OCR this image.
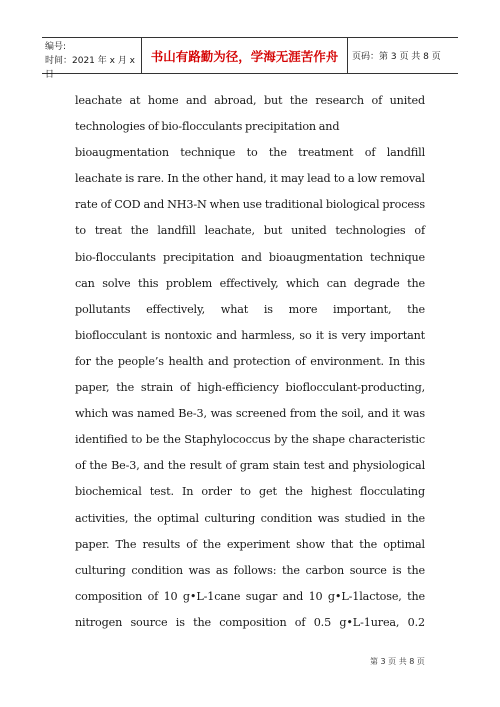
编号:
时间：2021 年 x 月 x 日
书山有路勤为径，学海无涯苦作舟	页码：第 3 页 共 8 页
leachate at home and abroad, but the research of united
technologies of bio-flocculants precipitation and
bioaugmentation technique to the treatment of landfill
leachate is rare. In the other hand, it may lead to a low removal
rate of COD and NH3-N when use traditional biological process
to treat the landfill leachate, but united technologies of
bio-flocculants precipitation and bioaugmentation technique
can solve this problem effectively, which can degrade the
pollutants effectively, what is more important, the
bioflocculant is nontoxic and harmless, so it is very important
for the people’s health and protection of environment. In this
paper, the strain of high-efficiency bioflocculant-producting,
which was named Be-3, was screened from the soil, and it was
identified to be the Staphylococcus by the shape characteristic
of the Be-3, and the result of gram stain test and physiological
biochemical test. In order to get the highest flocculating
activities, the optimal culturing condition was studied in the
paper. The results of the experiment show that the optimal
culturing condition was as follows: the carbon source is the
composition of 10 g•L-1cane sugar and 10 g•L-1lactose, the
nitrogen source is the composition of 0.5 g•L-1urea, 0.2
第 3 页 共 8 页
